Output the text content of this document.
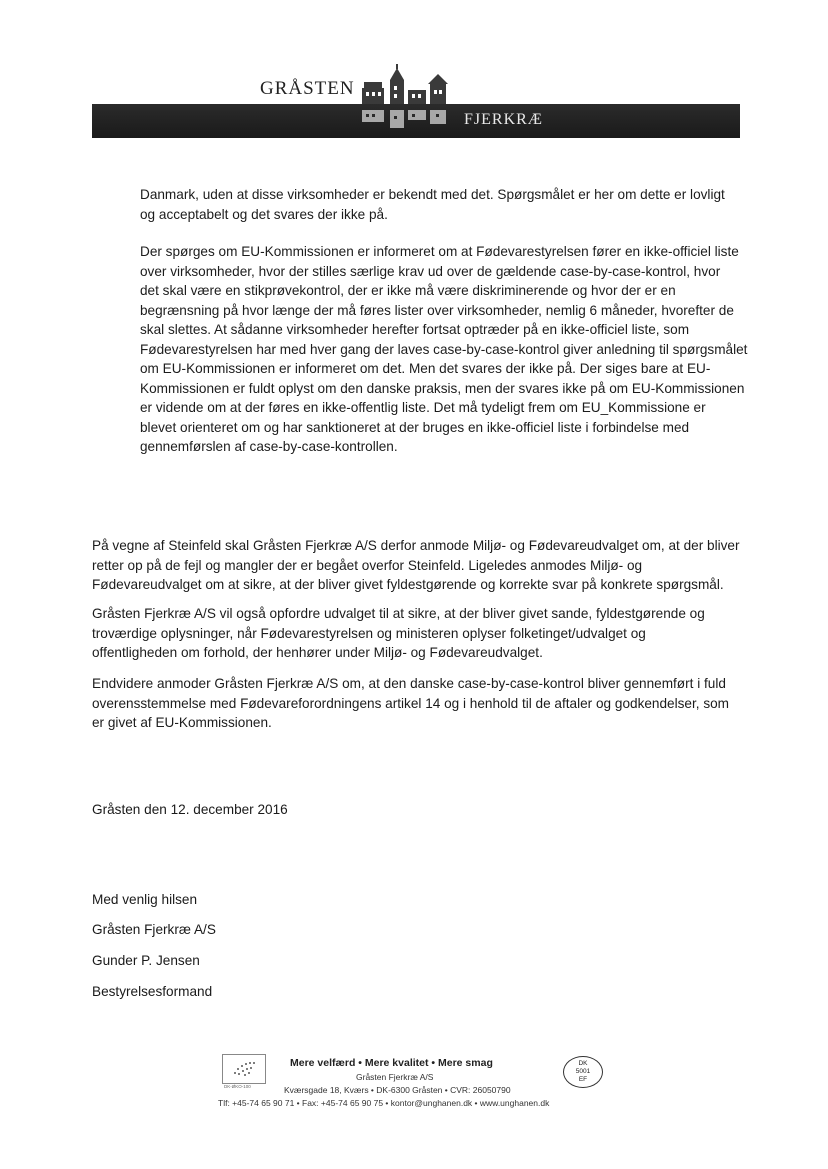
GRÅSTEN
FJERKRÆ

Danmark, uden at disse virksomheder er bekendt med det. Spørgsmålet er her om dette er lovligt
og acceptabelt og det svares der ikke på.

Der spørges om EU-Kommissionen er informeret om at Fødevarestyrelsen fører en ikke-officiel liste
over virksomheder, hvor der stilles særlige krav ud over de gældende case-by-case-kontrol, hvor
det skal være en stikprøvekontrol, der er ikke må være diskriminerende og hvor der er en
begrænsning på hvor længe der må føres lister over virksomheder, nemlig 6 måneder, hvorefter de
skal slettes. At sådanne virksomheder herefter fortsat optræder på en ikke-officiel liste, som
Fødevarestyrelsen har med hver gang der laves case-by-case-kontrol giver anledning til spørgsmålet
om EU-Kommissionen er informeret om det. Men det svares der ikke på. Der siges bare at EU-
Kommissionen er fuldt oplyst om den danske praksis, men der svares ikke på om EU-Kommissionen
er vidende om at der føres en ikke-offentlig liste. Det må tydeligt frem om EU_Kommissione er
blevet orienteret om og har sanktioneret at der bruges en ikke-officiel liste i forbindelse med
gennemførslen af case-by-case-kontrollen.

På vegne af Steinfeld skal Gråsten Fjerkræ A/S derfor anmode Miljø- og Fødevareudvalget om, at der bliver
retter op på de fejl og mangler der er begået overfor Steinfeld. Ligeledes anmodes Miljø- og
Fødevareudvalget om at sikre, at der bliver givet fyldestgørende og korrekte svar på konkrete spørgsmål.

Gråsten Fjerkræ A/S vil også opfordre udvalget til at sikre, at der bliver givet sande, fyldestgørende og
troværdige oplysninger, når Fødevarestyrelsen og ministeren oplyser folketinget/udvalget og
offentligheden om forhold, der henhører under Miljø- og Fødevareudvalget.

Endvidere anmoder Gråsten Fjerkræ A/S om, at den danske case-by-case-kontrol bliver gennemført i fuld
overensstemmelse med Fødevareforordningens artikel 14 og i henhold til de aftaler og godkendelser, som
er givet af EU-Kommissionen.

Gråsten den 12. december 2016
Med venlig hilsen
Gråsten Fjerkræ A/S
Gunder P. Jensen
Bestyrelsesformand
DK-ØKO-100
Mere velfærd • Mere kvalitet • Mere smag
Gråsten Fjerkræ A/S
Kværsgade 18, Kværs • DK-6300 Gråsten • CVR: 26050790
Tlf: +45-74 65 90 71 • Fax: +45-74 65 90 75 • kontor@unghanen.dk • www.unghanen.dk
DK
5001
EF
